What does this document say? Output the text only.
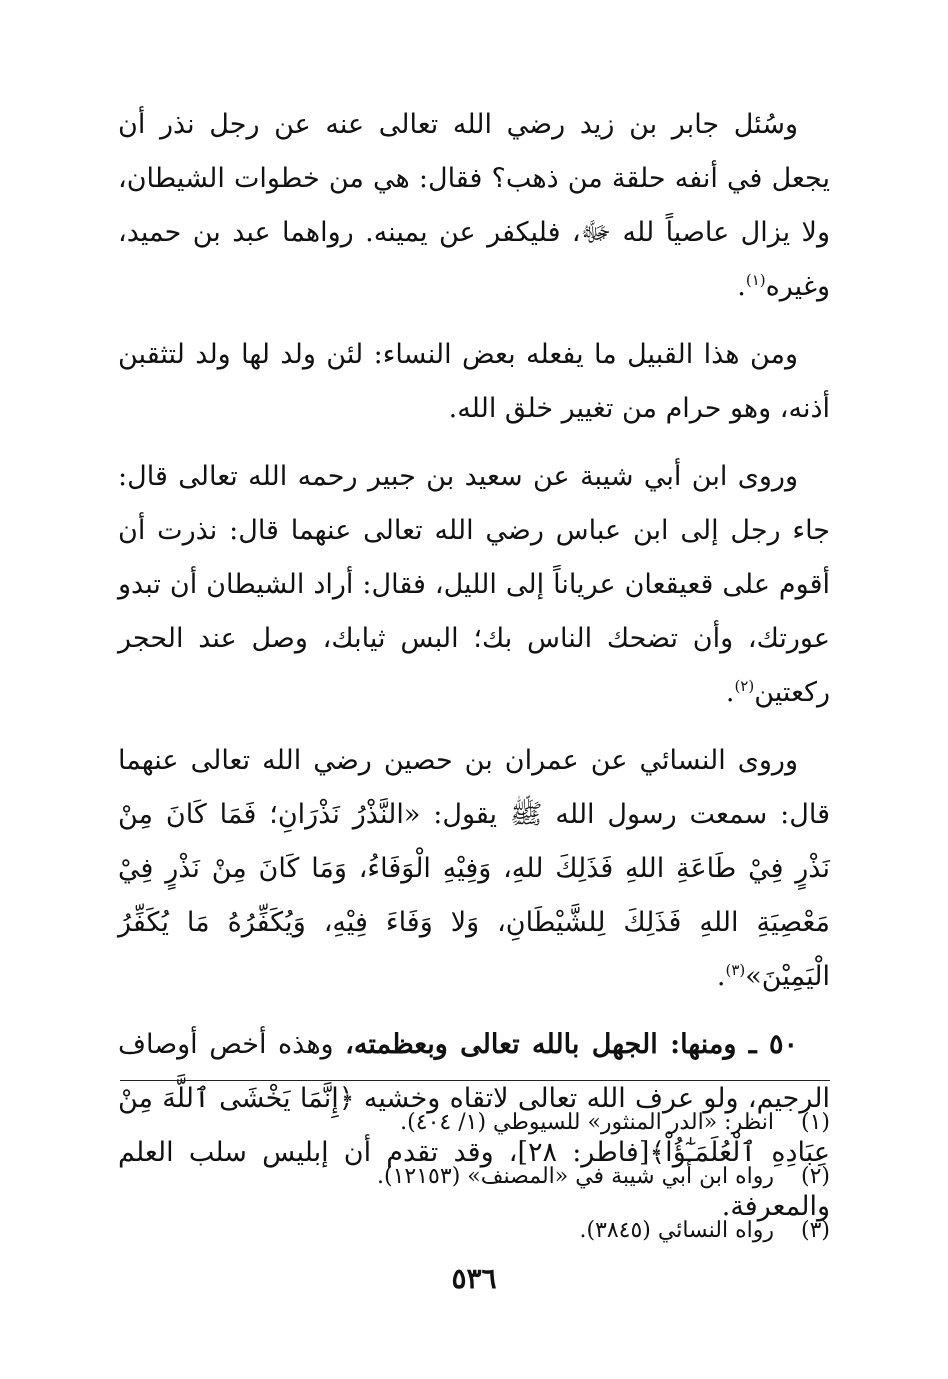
وسُئل جابر بن زيد رضي الله تعالى عنه عن رجل نذر أن يجعل في أنفه حلقة من ذهب؟ فقال: هي من خطوات الشيطان، ولا يزال عاصياً لله ﷻ، فليكفر عن يمينه. رواهما عبد بن حميد، وغيره$^{(١)}$.

ومن هذا القبيل ما يفعله بعض النساء: لئن ولد لها ولد لتثقبن أذنه، وهو حرام من تغيير خلق الله.

وروى ابن أبي شيبة عن سعيد بن جبير رحمه الله تعالى قال: جاء رجل إلى ابن عباس رضي الله تعالى عنهما قال: نذرت أن أقوم على قعيقعان عرياناً إلى الليل، فقال: أراد الشيطان أن تبدو عورتك، وأن تضحك الناس بك؛ البس ثيابك، وصل عند الحجر ركعتين$^{(٢)}$.

وروى النسائي عن عمران بن حصين رضي الله تعالى عنهما قال: سمعت رسول الله ﷺ يقول: «النَّذْرُ نَذْرَانِ؛ فَمَا كَانَ مِنْ نَذْرٍ فِيْ طَاعَةِ اللهِ فَذَلِكَ للهِ، وَفِيْهِ الْوَفَاءُ، وَمَا كَانَ مِنْ نَذْرٍ فِيْ مَعْصِيَةِ اللهِ فَذَلِكَ لِلشَّيْطَانِ، وَلا وَفَاءَ فِيْهِ، وَيُكَفِّرُهُ مَا يُكَفِّرُ الْيَمِيْنَ»$^{(٣)}$.

٥٠ ـ ومنها: الجهل بالله تعالى وبعظمته، وهذه أخص أوصاف الرجيم، ولو عرف الله تعالى لاتقاه وخشيه ﴿إِنَّمَا يَخْشَى ٱللَّهَ مِنْ عِبَادِهِ ٱلْعُلَمَـٰٓؤُاْ﴾[فاطر: ٢٨]، وقد تقدم أن إبليس سلب العلم والمعرفة.

(١)
انظر: «الدر المنثور» للسيوطي (١/ ٤٠٤).
(٢)
رواه ابن أبي شيبة في «المصنف» (١٢١٥٣).
(٣)
رواه النسائي (٣٨٤٥).
٥٣٦
